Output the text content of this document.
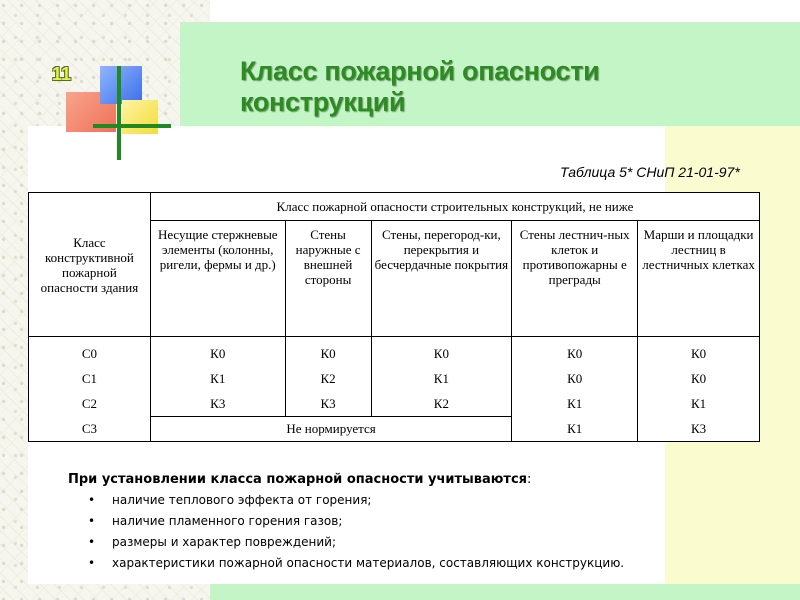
11	Класс пожарной опасности конструкций
Таблица 5* СНиП 21-01-97*
Класс конструктивной пожарной опасности здания	Класс пожарной опасности строительных конструкций, не ниже				
	Несущие стержневые элементы (колонны, ригели, фермы и др.)	Стены наружные с внешней стороны	Стены, перегород-ки, перекрытия и бесчердачные покрытия	Стены лестнич-ных клеток и противопожарны е преграды	Марши и площадки лестниц в лестничных клетках
С0	К0	К0	К0	К0	К0
С1	К1	К2	К1	К0	К0
С2	К3	К3	К2	К1	К1
С3	Не нормируется			К1	К3
При установлении класса пожарной опасности учитываются:
• наличие теплового эффекта от горения;
• наличие пламенного горения газов;
• размеры и характер повреждений;
• характеристики пожарной опасности материалов, составляющих конструкцию.
